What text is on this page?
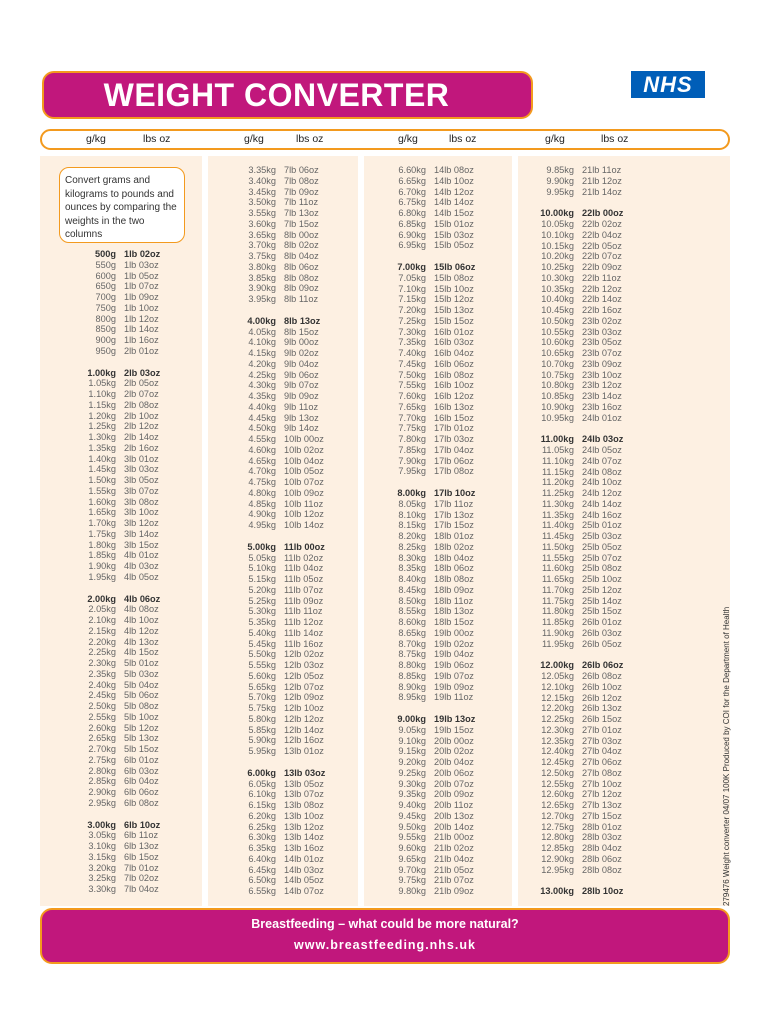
WEIGHT CONVERTER	NHS
g/kg	lbs oz	g/kg	lbs oz	g/kg	lbs oz	g/kg	lbs oz
Convert grams and kilograms to pounds and ounces by comparing the weights in the two columns
500g 1lb 02oz
550g 1lb 03oz
600g 1lb 05oz
650g 1lb 07oz
700g 1lb 09oz
750g 1lb 10oz
800g 1lb 12oz
850g 1lb 14oz
900g 1lb 16oz
950g 2lb 01oz
1.00kg 2lb 03oz
1.05kg 2lb 05oz
1.10kg 2lb 07oz
1.15kg 2lb 08oz
1.20kg 2lb 10oz
1.25kg 2lb 12oz
1.30kg 2lb 14oz
1.35kg 2lb 16oz
1.40kg 3lb 01oz
1.45kg 3lb 03oz
1.50kg 3lb 05oz
1.55kg 3lb 07oz
1.60kg 3lb 08oz
1.65kg 3lb 10oz
1.70kg 3lb 12oz
1.75kg 3lb 14oz
1.80kg 3lb 15oz
1.85kg 4lb 01oz
1.90kg 4lb 03oz
1.95kg 4lb 05oz
2.00kg 4lb 06oz
2.05kg 4lb 08oz
2.10kg 4lb 10oz
2.15kg 4lb 12oz
2.20kg 4lb 13oz
2.25kg 4lb 15oz
2.30kg 5lb 01oz
2.35kg 5lb 03oz
2.40kg 5lb 04oz
2.45kg 5lb 06oz
2.50kg 5lb 08oz
2.55kg 5lb 10oz
2.60kg 5lb 12oz
2.65kg 5lb 13oz
2.70kg 5lb 15oz
2.75kg 6lb 01oz
2.80kg 6lb 03oz
2.85kg 6lb 04oz
2.90kg 6lb 06oz
2.95kg 6lb 08oz
3.00kg 6lb 10oz
3.05kg 6lb 11oz
3.10kg 6lb 13oz
3.15kg 6lb 15oz
3.20kg 7lb 01oz
3.25kg 7lb 02oz
3.30kg 7lb 04oz
3.35kg 7lb 06oz
3.40kg 7lb 08oz
3.45kg 7lb 09oz
3.50kg 7lb 11oz
3.55kg 7lb 13oz
3.60kg 7lb 15oz
3.65kg 8lb 00oz
3.70kg 8lb 02oz
3.75kg 8lb 04oz
3.80kg 8lb 06oz
3.85kg 8lb 08oz
3.90kg 8lb 09oz
3.95kg 8lb 11oz
4.00kg 8lb 13oz
4.05kg 8lb 15oz
4.10kg 9lb 00oz
4.15kg 9lb 02oz
4.20kg 9lb 04oz
4.25kg 9lb 06oz
4.30kg 9lb 07oz
4.35kg 9lb 09oz
4.40kg 9lb 11oz
4.45kg 9lb 13oz
4.50kg 9lb 14oz
4.55kg 10lb 00oz
4.60kg 10lb 02oz
4.65kg 10lb 04oz
4.70kg 10lb 05oz
4.75kg 10lb 07oz
4.80kg 10lb 09oz
4.85kg 10lb 11oz
4.90kg 10lb 12oz
4.95kg 10lb 14oz
5.00kg 11lb 00oz
5.05kg 11lb 02oz
5.10kg 11lb 04oz
5.15kg 11lb 05oz
5.20kg 11lb 07oz
5.25kg 11lb 09oz
5.30kg 11lb 11oz
5.35kg 11lb 12oz
5.40kg 11lb 14oz
5.45kg 11lb 16oz
5.50kg 12lb 02oz
5.55kg 12lb 03oz
5.60kg 12lb 05oz
5.65kg 12lb 07oz
5.70kg 12lb 09oz
5.75kg 12lb 10oz
5.80kg 12lb 12oz
5.85kg 12lb 14oz
5.90kg 12lb 16oz
5.95kg 13lb 01oz
6.00kg 13lb 03oz
6.05kg 13lb 05oz
6.10kg 13lb 07oz
6.15kg 13lb 08oz
6.20kg 13lb 10oz
6.25kg 13lb 12oz
6.30kg 13lb 14oz
6.35kg 13lb 16oz
6.40kg 14lb 01oz
6.45kg 14lb 03oz
6.50kg 14lb 05oz
6.55kg 14lb 07oz
6.60kg 14lb 08oz
6.65kg 14lb 10oz
6.70kg 14lb 12oz
6.75kg 14lb 14oz
6.80kg 14lb 15oz
6.85kg 15lb 01oz
6.90kg 15lb 03oz
6.95kg 15lb 05oz
7.00kg 15lb 06oz
7.05kg 15lb 08oz
7.10kg 15lb 10oz
7.15kg 15lb 12oz
7.20kg 15lb 13oz
7.25kg 15lb 15oz
7.30kg 16lb 01oz
7.35kg 16lb 03oz
7.40kg 16lb 04oz
7.45kg 16lb 06oz
7.50kg 16lb 08oz
7.55kg 16lb 10oz
7.60kg 16lb 12oz
7.65kg 16lb 13oz
7.70kg 16lb 15oz
7.75kg 17lb 01oz
7.80kg 17lb 03oz
7.85kg 17lb 04oz
7.90kg 17lb 06oz
7.95kg 17lb 08oz
8.00kg 17lb 10oz
8.05kg 17lb 11oz
8.10kg 17lb 13oz
8.15kg 17lb 15oz
8.20kg 18lb 01oz
8.25kg 18lb 02oz
8.30kg 18lb 04oz
8.35kg 18lb 06oz
8.40kg 18lb 08oz
8.45kg 18lb 09oz
8.50kg 18lb 11oz
8.55kg 18lb 13oz
8.60kg 18lb 15oz
8.65kg 19lb 00oz
8.70kg 19lb 02oz
8.75kg 19lb 04oz
8.80kg 19lb 06oz
8.85kg 19lb 07oz
8.90kg 19lb 09oz
8.95kg 19lb 11oz
9.00kg 19lb 13oz
9.05kg 19lb 15oz
9.10kg 20lb 00oz
9.15kg 20lb 02oz
9.20kg 20lb 04oz
9.25kg 20lb 06oz
9.30kg 20lb 07oz
9.35kg 20lb 09oz
9.40kg 20lb 11oz
9.45kg 20lb 13oz
9.50kg 20lb 14oz
9.55kg 21lb 00oz
9.60kg 21lb 02oz
9.65kg 21lb 04oz
9.70kg 21lb 05oz
9.75kg 21lb 07oz
9.80kg 21lb 09oz
9.85kg 21lb 11oz
9.90kg 21lb 12oz
9.95kg 21lb 14oz
10.00kg 22lb 00oz
10.05kg 22lb 02oz
10.10kg 22lb 04oz
10.15kg 22lb 05oz
10.20kg 22lb 07oz
10.25kg 22lb 09oz
10.30kg 22lb 11oz
10.35kg 22lb 12oz
10.40kg 22lb 14oz
10.45kg 22lb 16oz
10.50kg 23lb 02oz
10.55kg 23lb 03oz
10.60kg 23lb 05oz
10.65kg 23lb 07oz
10.70kg 23lb 09oz
10.75kg 23lb 10oz
10.80kg 23lb 12oz
10.85kg 23lb 14oz
10.90kg 23lb 16oz
10.95kg 24lb 01oz
11.00kg 24lb 03oz
11.05kg 24lb 05oz
11.10kg 24lb 07oz
11.15kg 24lb 08oz
11.20kg 24lb 10oz
11.25kg 24lb 12oz
11.30kg 24lb 14oz
11.35kg 24lb 16oz
11.40kg 25lb 01oz
11.45kg 25lb 03oz
11.50kg 25lb 05oz
11.55kg 25lb 07oz
11.60kg 25lb 08oz
11.65kg 25lb 10oz
11.70kg 25lb 12oz
11.75kg 25lb 14oz
11.80kg 25lb 15oz
11.85kg 26lb 01oz
11.90kg 26lb 03oz
11.95kg 26lb 05oz
12.00kg 26lb 06oz
12.05kg 26lb 08oz
12.10kg 26lb 10oz
12.15kg 26lb 12oz
12.20kg 26lb 13oz
12.25kg 26lb 15oz
12.30kg 27lb 01oz
12.35kg 27lb 03oz
12.40kg 27lb 04oz
12.45kg 27lb 06oz
12.50kg 27lb 08oz
12.55kg 27lb 10oz
12.60kg 27lb 12oz
12.65kg 27lb 13oz
12.70kg 27lb 15oz
12.75kg 28lb 01oz
12.80kg 28lb 03oz
12.85kg 28lb 04oz
12.90kg 28lb 06oz
12.95kg 28lb 08oz
13.00kg 28lb 10oz
Breastfeeding – what could be more natural?
www.breastfeeding.nhs.uk
279476 Weight converter 04/07 100K Produced by COI for the Department of Health
